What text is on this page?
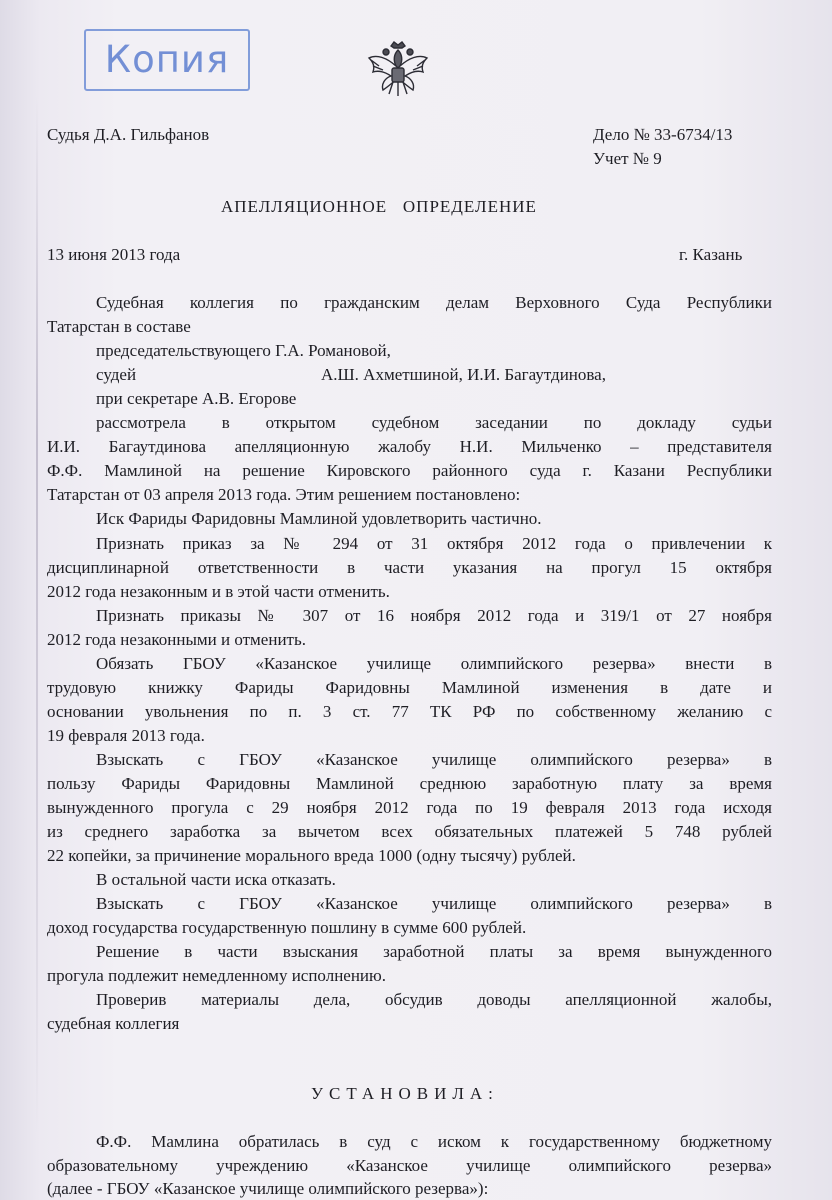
Копия
Судья Д.А. Гильфанов	Дело № 33-6734/13
Учет № 9
АПЕЛЛЯЦИОННОЕ   ОПРЕДЕЛЕНИЕ
13 июня 2013 года	г. Казань
Судебная коллегия по гражданским делам Верховного Суда Республики
Татарстан в составе
председательствующего Г.А. Романовой,
судей	А.Ш. Ахметшиной, И.И. Багаутдинова,
при секретаре А.В. Егорове
рассмотрела в открытом судебном заседании по докладу судьи
И.И. Багаутдинова апелляционную жалобу Н.И. Мильченко – представителя
Ф.Ф. Мамлиной на решение Кировского районного суда г. Казани Республики
Татарстан от 03 апреля 2013 года. Этим решением постановлено:
Иск Фариды Фаридовны Мамлиной удовлетворить частично.
Признать приказ за № 294 от 31 октября 2012 года о привлечении к
дисциплинарной ответственности в части указания на прогул 15 октября
2012 года незаконным и в этой части отменить.
Признать приказы № 307 от 16 ноября 2012 года и 319/1 от 27 ноября
2012 года незаконными и отменить.
Обязать ГБОУ «Казанское училище олимпийского резерва» внести в
трудовую книжку Фариды Фаридовны Мамлиной изменения в дате и
основании увольнения по п. 3 ст. 77 ТК РФ по собственному желанию с
19 февраля 2013 года.
Взыскать с ГБОУ «Казанское училище олимпийского резерва» в
пользу Фариды Фаридовны Мамлиной среднюю заработную плату за время
вынужденного прогула с 29 ноября 2012 года по 19 февраля 2013 года исходя
из среднего заработка за вычетом всех обязательных платежей 5 748 рублей
22 копейки, за причинение морального вреда 1000 (одну тысячу) рублей.
В остальной части иска отказать.
Взыскать с ГБОУ «Казанское училище олимпийского резерва» в
доход государства государственную пошлину в сумме 600 рублей.
Решение в части взыскания заработной платы за время вынужденного
прогула подлежит немедленному исполнению.
Проверив материалы дела, обсудив доводы апелляционной жалобы,
судебная коллегия
УСТАНОВИЛА:
Ф.Ф. Мамлина обратилась в суд с иском к государственному бюджетному
образовательному учреждению «Казанское училище олимпийского резерва»
(далее - ГБОУ «Казанское училище олимпийского резерва»):
